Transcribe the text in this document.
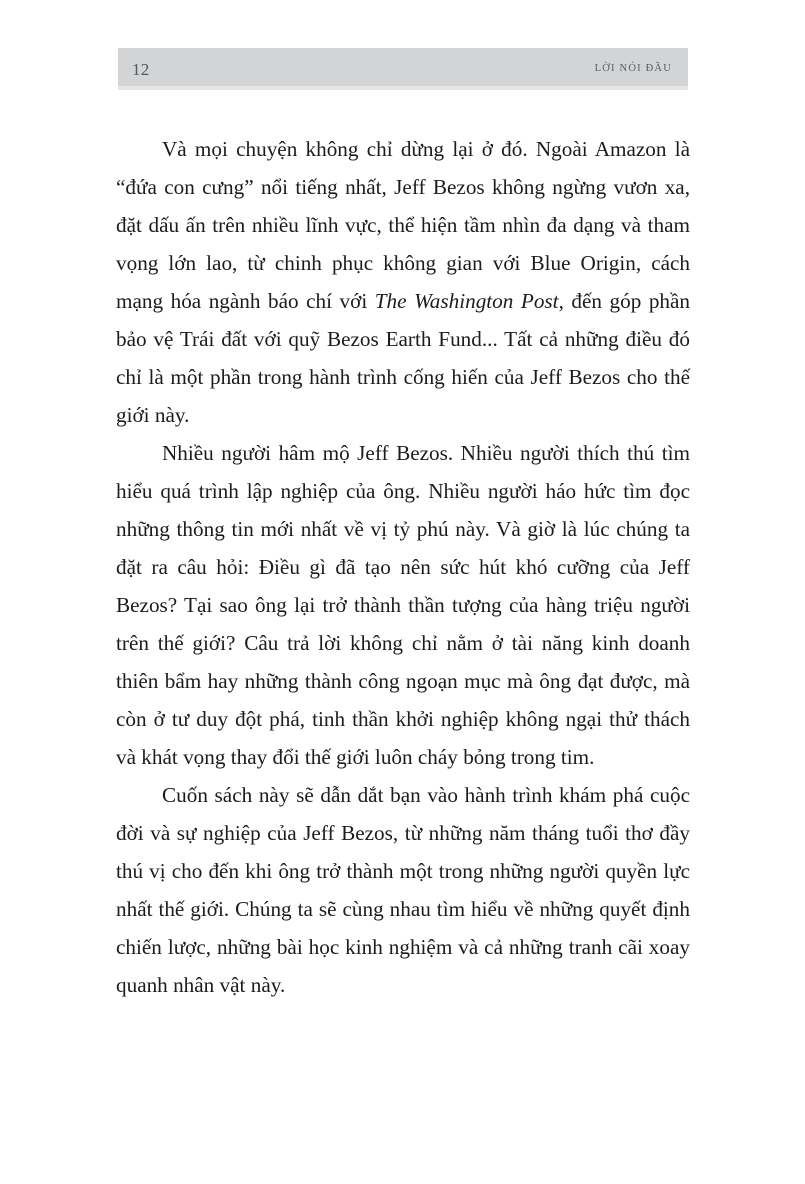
12	LỜI NÓI ĐẦU

Và mọi chuyện không chỉ dừng lại ở đó. Ngoài Amazon là “đứa con cưng” nổi tiếng nhất, Jeff Bezos không ngừng vươn xa, đặt dấu ấn trên nhiều lĩnh vực, thể hiện tầm nhìn đa dạng và tham vọng lớn lao, từ chinh phục không gian với Blue Origin, cách mạng hóa ngành báo chí với The Washington Post, đến góp phần bảo vệ Trái đất với quỹ Bezos Earth Fund... Tất cả những điều đó chỉ là một phần trong hành trình cống hiến của Jeff Bezos cho thế giới này.

Nhiều người hâm mộ Jeff Bezos. Nhiều người thích thú tìm hiểu quá trình lập nghiệp của ông. Nhiều người háo hức tìm đọc những thông tin mới nhất về vị tỷ phú này. Và giờ là lúc chúng ta đặt ra câu hỏi: Điều gì đã tạo nên sức hút khó cưỡng của Jeff Bezos? Tại sao ông lại trở thành thần tượng của hàng triệu người trên thế giới? Câu trả lời không chỉ nằm ở tài năng kinh doanh thiên bẩm hay những thành công ngoạn mục mà ông đạt được, mà còn ở tư duy đột phá, tinh thần khởi nghiệp không ngại thử thách và khát vọng thay đổi thế giới luôn cháy bỏng trong tim.

Cuốn sách này sẽ dẫn dắt bạn vào hành trình khám phá cuộc đời và sự nghiệp của Jeff Bezos, từ những năm tháng tuổi thơ đầy thú vị cho đến khi ông trở thành một trong những người quyền lực nhất thế giới. Chúng ta sẽ cùng nhau tìm hiểu về những quyết định chiến lược, những bài học kinh nghiệm và cả những tranh cãi xoay quanh nhân vật này.
